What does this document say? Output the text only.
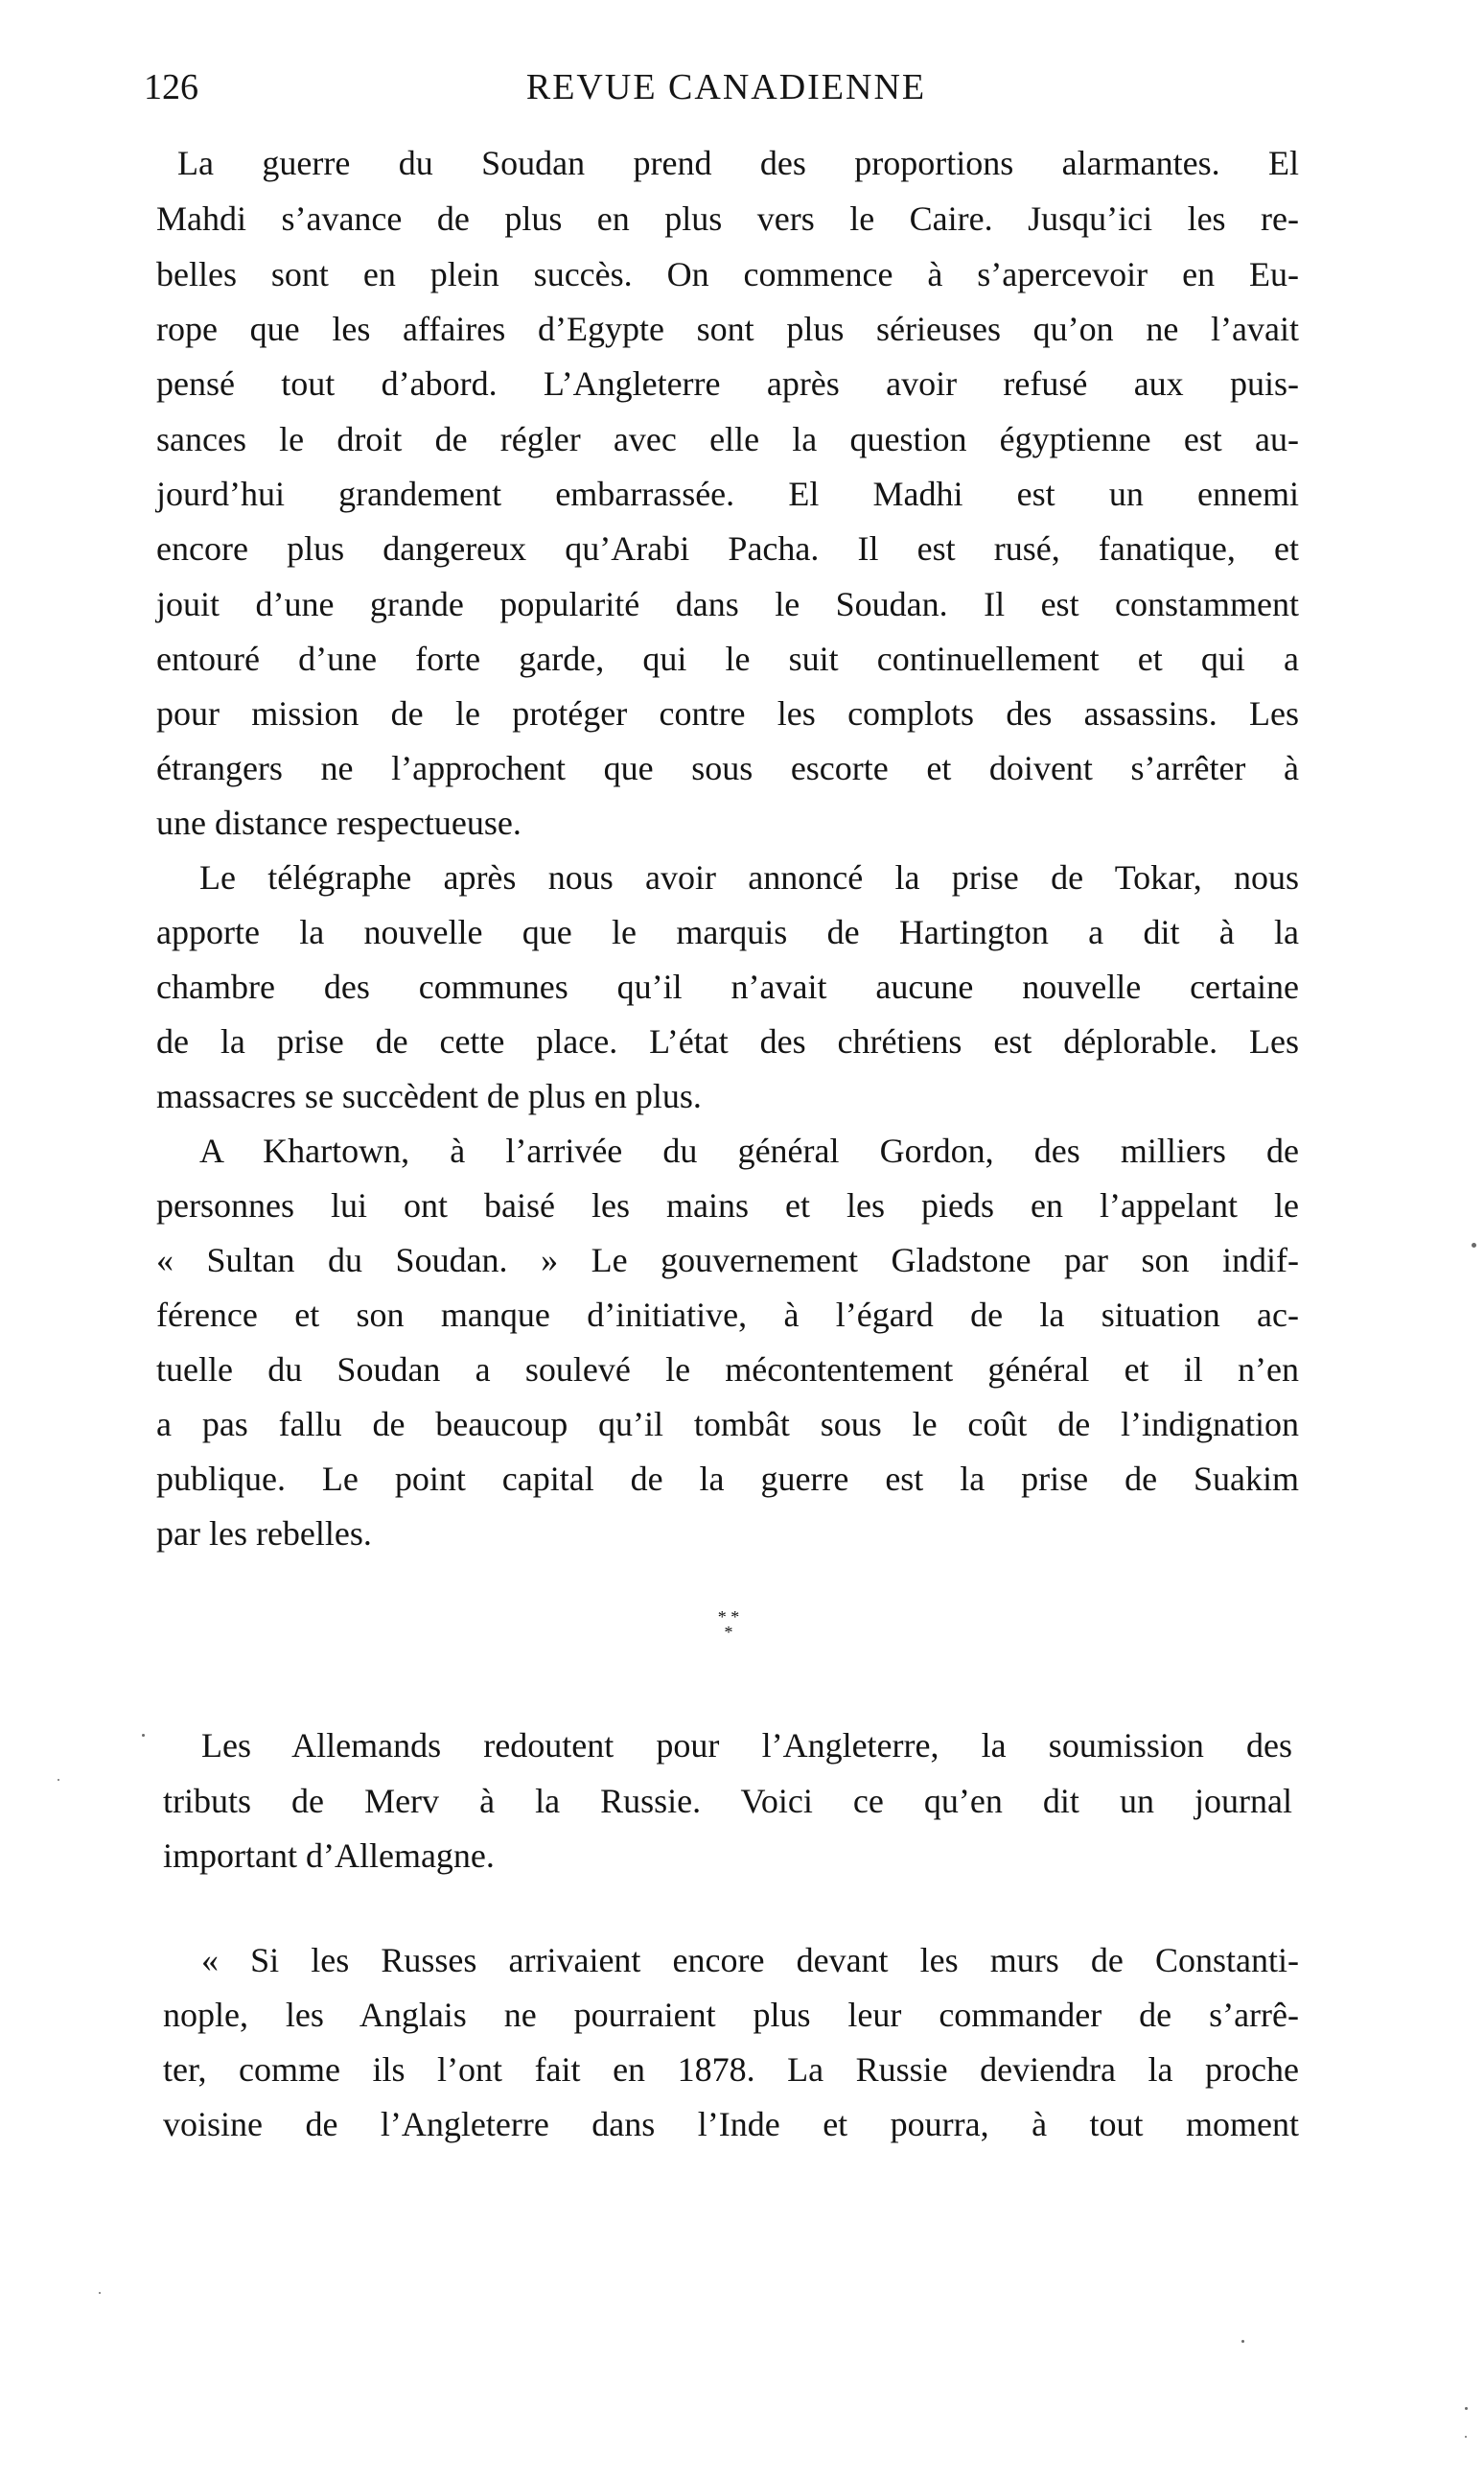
126	REVUE CANADIENNE
La guerre du Soudan prend des proportions alarmantes. El
Mahdi s’avance de plus en plus vers le Caire. Jusqu’ici les re-
belles sont en plein succès. On commence à s’apercevoir en Eu-
rope que les affaires d’Egypte sont plus sérieuses qu’on ne l’avait
pensé tout d’abord. L’Angleterre après avoir refusé aux puis-
sances le droit de régler avec elle la question égyptienne est au-
jourd’hui grandement embarrassée. El Madhi est un ennemi
encore plus dangereux qu’Arabi Pacha. Il est rusé, fanatique, et
jouit d’une grande popularité dans le Soudan. Il est constamment
entouré d’une forte garde, qui le suit continuellement et qui a
pour mission de le protéger contre les complots des assassins. Les
étrangers ne l’approchent que sous escorte et doivent s’arrêter à
une distance respectueuse.
Le télégraphe après nous avoir annoncé la prise de Tokar, nous
apporte la nouvelle que le marquis de Hartington a dit à la
chambre des communes qu’il n’avait aucune nouvelle certaine
de la prise de cette place. L’état des chrétiens est déplorable. Les
massacres se succèdent de plus en plus.
A Khartown, à l’arrivée du général Gordon, des milliers de
personnes lui ont baisé les mains et les pieds en l’appelant le
« Sultan du Soudan. » Le gouvernement Gladstone par son indif-
férence et son manque d’initiative, à l’égard de la situation ac-
tuelle du Soudan a soulevé le mécontentement général et il n’en
a pas fallu de beaucoup qu’il tombât sous le coût de l’indignation
publique. Le point capital de la guerre est la prise de Suakim
par les rebelles.
* *
*
Les Allemands redoutent pour l’Angleterre, la soumission des
tributs de Merv à la Russie. Voici ce qu’en dit un journal
important d’Allemagne.
« Si les Russes arrivaient encore devant les murs de Constanti-
nople, les Anglais ne pourraient plus leur commander de s’arrê-
ter, comme ils l’ont fait en 1878. La Russie deviendra la proche
voisine de l’Angleterre dans l’Inde et pourra, à tout moment
